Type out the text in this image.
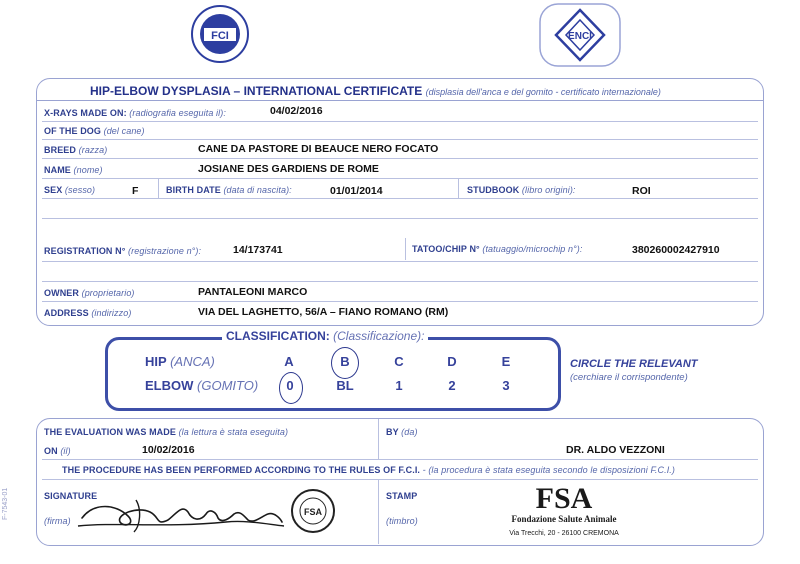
FCI	ENCI
HIP-ELBOW DYSPLASIA – INTERNATIONAL CERTIFICATE (displasia dell'anca e del gomito - certificato internazionale)
X-RAYS MADE ON: (radiografia eseguita il):	04/02/2016
OF THE DOG (del cane)
BREED (razza)	CANE DA PASTORE DI BEAUCE NERO FOCATO
NAME (nome)	JOSIANE DES GARDIENS DE ROME
SEX (sesso)	F	BIRTH DATE (data di nascita):	01/01/2014	STUDBOOK (libro origini):	ROI
REGISTRATION N° (registrazione n°):	14/173741	TATOO/CHIP N° (tatuaggio/microchip n°):	380260002427910
OWNER (proprietario)	PANTALEONI MARCO
ADDRESS (indirizzo)	VIA DEL LAGHETTO, 56/A – FIANO ROMANO (RM)
CLASSIFICATION: (Classificazione):
HIP (ANCA)	A	B	C	D	E
ELBOW (GOMITO)	0	BL	1	2	3
CIRCLE THE RELEVANT
(cerchiare il corrispondente)
THE EVALUATION WAS MADE (la lettura è stata eseguita)
ON (il)	10/02/2016
BY (da)
DR. ALDO VEZZONI
THE PROCEDURE HAS BEEN PERFORMED ACCORDING TO THE RULES OF F.C.I. - (la procedura è stata eseguita secondo le disposizioni F.C.I.)
SIGNATURE
(firma)
STAMP
(timbro)
FSA	FSA
Fondazione Salute Animale
Via Trecchi, 20 - 26100 CREMONA
F-7543-01
